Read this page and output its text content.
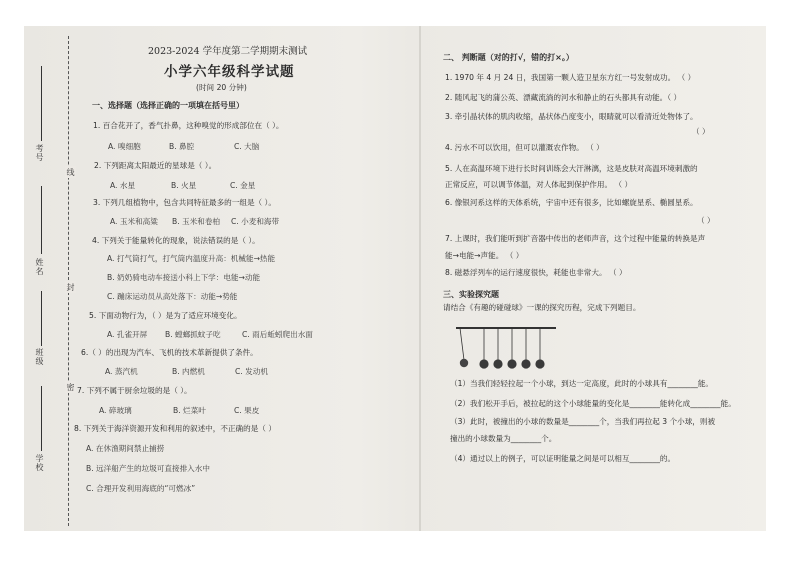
线
封
密
考号
姓名
班级
学校
2023-2024 学年度第二学期期末测试
小学六年级科学试题
(时间 20 分钟)
一、选择题（选择正确的一项填在括号里）
1. 百合花开了，香气扑鼻，这种嗅觉的形成部位在（ ）。
A. 嗅细胞	B. 鼻腔	C. 大脑
2. 下列距离太阳最近的星球是（ ）。
A. 水星	B. 火星	C. 金星
3. 下列几组植物中，包含共同特征最多的一组是（ ）。
A. 玉米和高粱 B. 玉米和卷柏 C. 小麦和海带
4. 下列关于能量转化的现象，说法错误的是（ ）。
A. 打气筒打气，打气筒内温度升高：机械能→热能
B. 奶奶骑电动车接送小科上下学：电能→动能
C. 蹦床运动员从高处落下：动能→势能
5. 下面动物行为，（ ）是为了适应环境变化。
A. 孔雀开屏 B. 螳螂抓蚊子吃	C. 雨后蚯蚓爬出水面
6.（ ）的出现为汽车、飞机的技术革新提供了条件。
A. 蒸汽机	B. 内燃机	C. 发动机
7. 下列不属于厨余垃圾的是（ ）。
A. 碎玻璃	B. 烂菜叶	C. 果皮
8. 下列关于海洋资源开发和利用的叙述中，不正确的是（ ）
A. 在休渔期间禁止捕捞
B. 远洋船产生的垃圾可直接排入水中
C. 合理开发利用海底的“可燃冰”
二、 判断题（对的打√，错的打×。）
1. 1970 年 4 月 24 日，我国第一颗人造卫星东方红一号发射成功。 （ ）
2. 随风起飞的蒲公英、漂藏流淌的河水和静止的石头都具有动能。（ ）
3. 牵引晶状体的肌肉收缩，晶状体凸度变小，眼睛就可以看清近处物体了。
（ ）
4. 污水不可以饮用，但可以灌溉农作物。 （ ）
5. 人在高温环境下进行长时间训练会大汗淋漓，这是皮肤对高温环境刺激的
正常反应，可以调节体温，对人体起到保护作用。 （ ）
6. 像银河系这样的天体系统，宇宙中还有很多，比如螺旋星系、椭圆星系。
（ ）
7. 上课时，我们能听到扩音器中传出的老师声音，这个过程中能量的转换是声
能→电能→声能。 （ ）
8. 磁悬浮列车的运行速度很快，耗能也非常大。 （ ）
三、实验探究题
请结合《有趣的碰碰球》一课的探究历程，完成下列题目。
（1）当我们轻轻拉起一个小球，到达一定高度，此时的小球具有________能。
（2）我们松开手后，被拉起的这个小球能量的变化是________能转化成________能。
（3）此时，被撞出的小球的数量是________个，当我们再拉起 3 个小球，则被
撞出的小球数量为________个。
（4）通过以上的例子，可以证明能量之间是可以相互________的。
